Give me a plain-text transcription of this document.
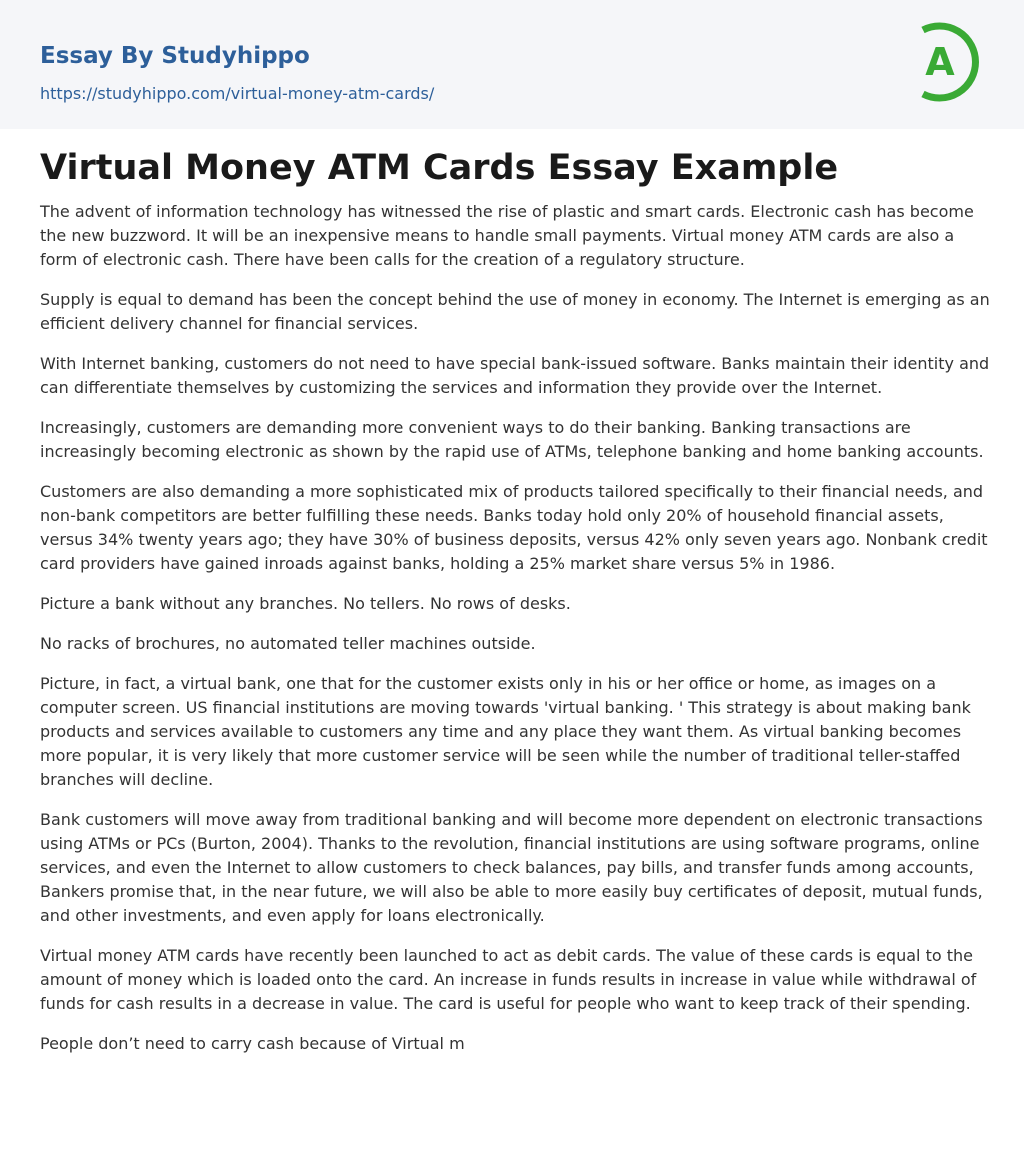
Essay By Studyhippo
https://studyhippo.com/virtual-money-atm-cards/
A
Virtual Money ATM Cards Essay Example

The advent of information technology has witnessed the rise of plastic and smart cards. Electronic cash has become the new buzzword. It will be an inexpensive means to handle small payments. Virtual money ATM cards are also a form of electronic cash. There have been calls for the creation of a regulatory structure.

Supply is equal to demand has been the concept behind the use of money in economy. The Internet is emerging as an efficient delivery channel for financial services.

With Internet banking, customers do not need to have special bank-issued software. Banks maintain their identity and can differentiate themselves by customizing the services and information they provide over the Internet.

Increasingly, customers are demanding more convenient ways to do their banking. Banking transactions are increasingly becoming electronic as shown by the rapid use of ATMs, telephone banking and home banking accounts.

Customers are also demanding a more sophisticated mix of products tailored specifically to their financial needs, and non-bank competitors are better fulfilling these needs. Banks today hold only 20% of household financial assets, versus 34% twenty years ago; they have 30% of business deposits, versus 42% only seven years ago. Nonbank credit card providers have gained inroads against banks, holding a 25% market share versus 5% in 1986.

Picture a bank without any branches. No tellers. No rows of desks.

No racks of brochures, no automated teller machines outside.

Picture, in fact, a virtual bank, one that for the customer exists only in his or her office or home, as images on a computer screen. US financial institutions are moving towards 'virtual banking. ' This strategy is about making bank products and services available to customers any time and any place they want them. As virtual banking becomes more popular, it is very likely that more customer service will be seen while the number of traditional teller-staffed branches will decline.

Bank customers will move away from traditional banking and will become more dependent on electronic transactions using ATMs or PCs (Burton, 2004). Thanks to the revolution, financial institutions are using software programs, online services, and even the Internet to allow customers to check balances, pay bills, and transfer funds among accounts, Bankers promise that, in the near future, we will also be able to more easily buy certificates of deposit, mutual funds, and other investments, and even apply for loans electronically.

Virtual money ATM cards have recently been launched to act as debit cards. The value of these cards is equal to the amount of money which is loaded onto the card. An increase in funds results in increase in value while withdrawal of funds for cash results in a decrease in value. The card is useful for people who want to keep track of their spending.

People don’t need to carry cash because of Virtual m
